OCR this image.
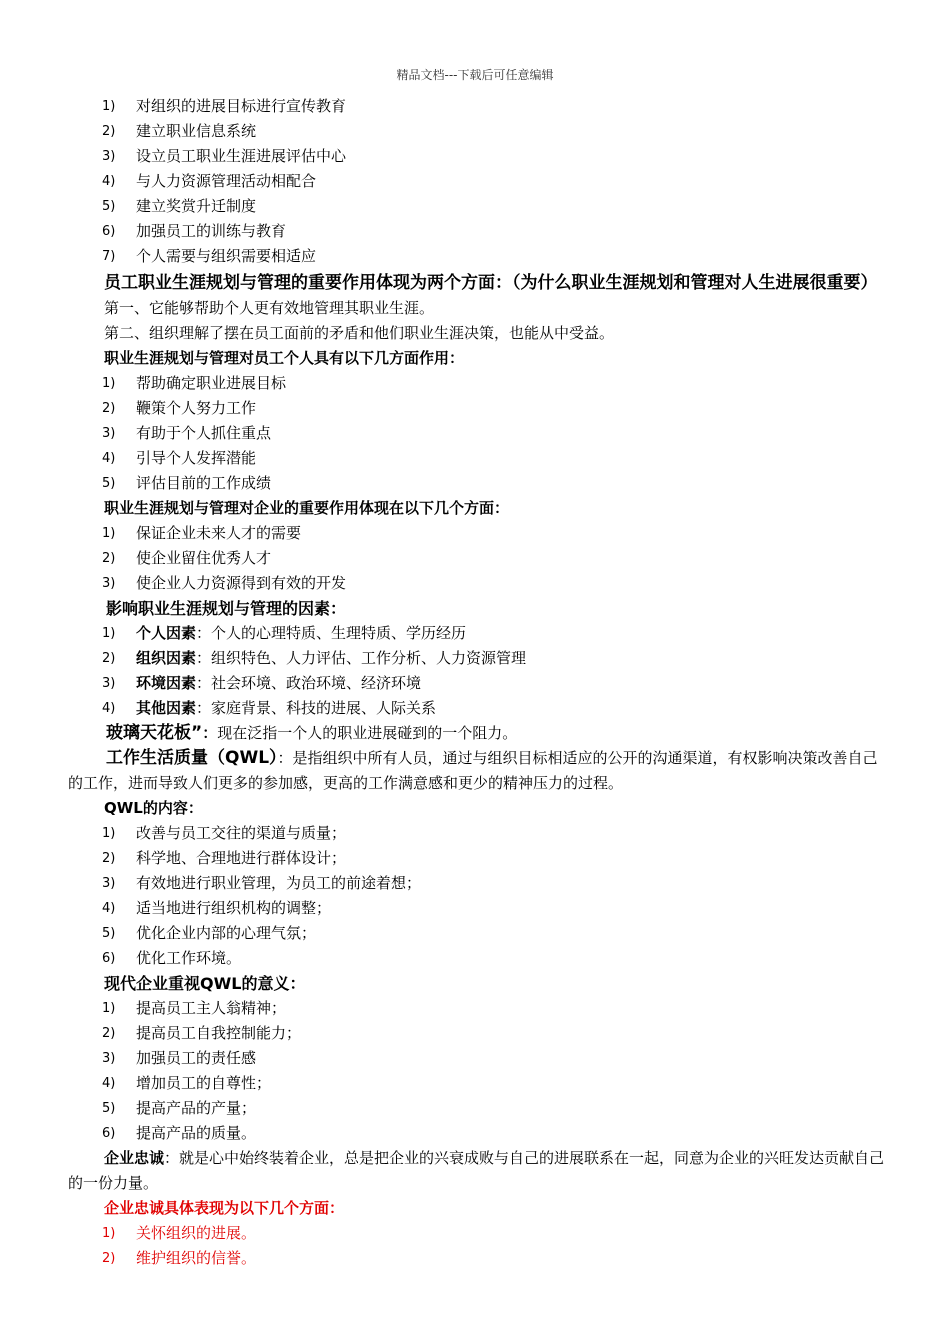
精品文档---下载后可任意编辑
1)	对组织的进展目标进行宣传教育
2)	建立职业信息系统
3)	设立员工职业生涯进展评估中心
4)	与人力资源管理活动相配合
5)	建立奖赏升迁制度
6)	加强员工的训练与教育
7)	个人需要与组织需要相适应
员工职业生涯规划与管理的重要作用体现为两个方面：（为什么职业生涯规划和管理对人生进展很重要）
第一、它能够帮助个人更有效地管理其职业生涯。
第二、组织理解了摆在员工面前的矛盾和他们职业生涯决策，也能从中受益。
职业生涯规划与管理对员工个人具有以下几方面作用：
1)	帮助确定职业进展目标
2)	鞭策个人努力工作
3)	有助于个人抓住重点
4)	引导个人发挥潜能
5)	评估目前的工作成绩
职业生涯规划与管理对企业的重要作用体现在以下几个方面：
1)	保证企业未来人才的需要
2)	使企业留住优秀人才
3)	使企业人力资源得到有效的开发
影响职业生涯规划与管理的因素：
1)	个人因素：个人的心理特质、生理特质、学历经历
2)	组织因素：组织特色、人力评估、工作分析、人力资源管理
3)	环境因素：社会环境、政治环境、经济环境
4)	其他因素：家庭背景、科技的进展、人际关系
玻璃天花板”：现在泛指一个人的职业进展碰到的一个阻力。
工作生活质量（QWL）：是指组织中所有人员，通过与组织目标相适应的公开的沟通渠道，有权影响决策改善自己的工作，进而导致人们更多的参加感，更高的工作满意感和更少的精神压力的过程。
QWL的内容：
1)	改善与员工交往的渠道与质量；
2)	科学地、合理地进行群体设计；
3)	有效地进行职业管理，为员工的前途着想；
4)	适当地进行组织机构的调整；
5)	优化企业内部的心理气氛；
6)	优化工作环境。
现代企业重视QWL的意义：
1)	提高员工主人翁精神；
2)	提高员工自我控制能力；
3)	加强员工的责任感
4)	增加员工的自尊性；
5)	提高产品的产量；
6)	提高产品的质量。
企业忠诚：就是心中始终装着企业，总是把企业的兴衰成败与自己的进展联系在一起，同意为企业的兴旺发达贡献自己的一份力量。
企业忠诚具体表现为以下几个方面：
1)	关怀组织的进展。
2)	维护组织的信誉。
